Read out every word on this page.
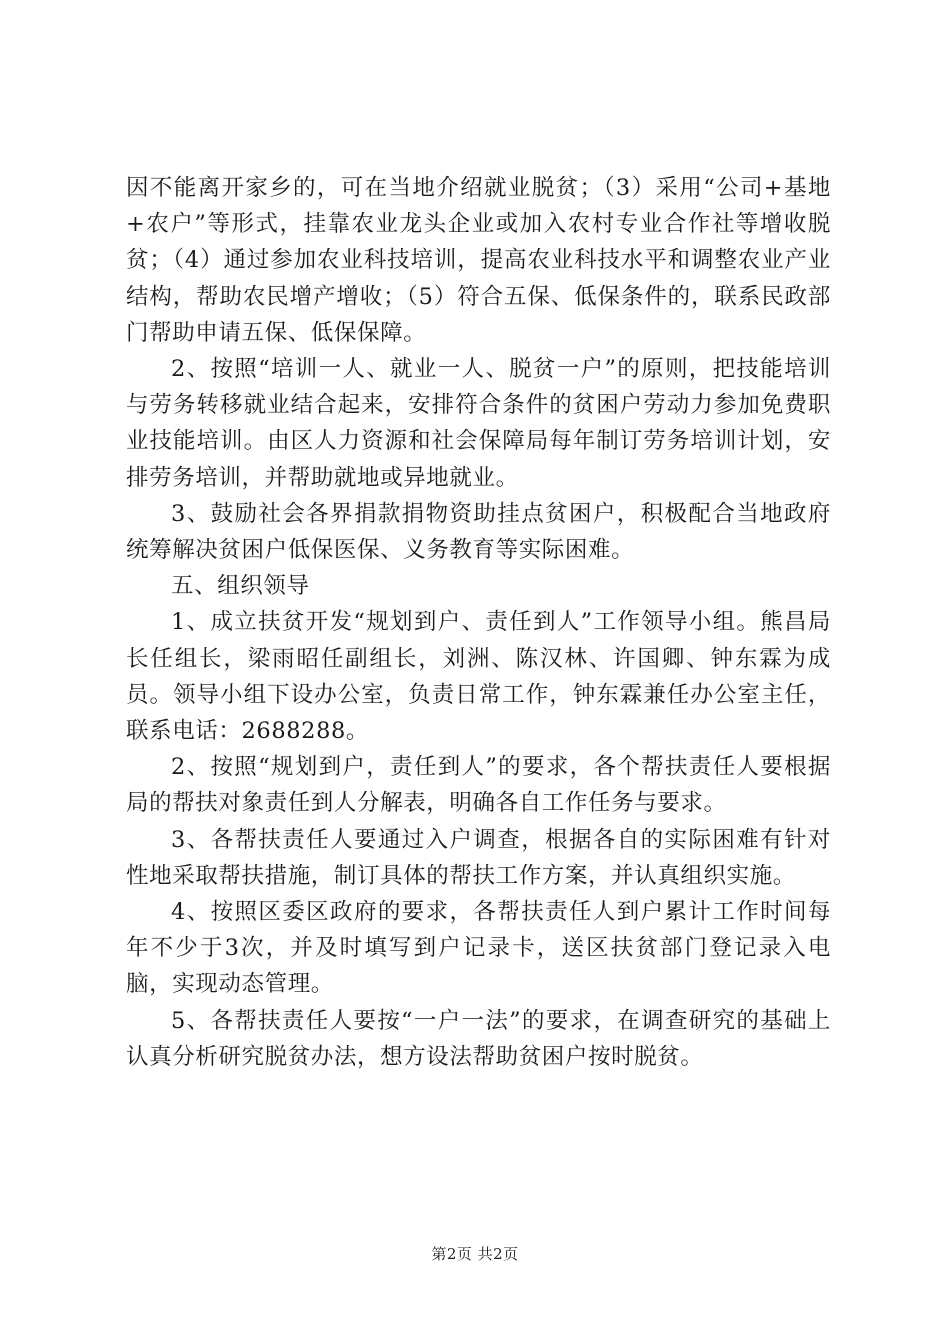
因不能离开家乡的，可在当地介绍就业脱贫；（3）采用“公司+基地+农户”等形式，挂靠农业龙头企业或加入农村专业合作社等增收脱贫；（4）通过参加农业科技培训，提高农业科技水平和调整农业产业结构，帮助农民增产增收；（5）符合五保、低保条件的，联系民政部门帮助申请五保、低保保障。

2、按照“培训一人、就业一人、脱贫一户”的原则，把技能培训与劳务转移就业结合起来，安排符合条件的贫困户劳动力参加免费职业技能培训。由区人力资源和社会保障局每年制订劳务培训计划，安排劳务培训，并帮助就地或异地就业。

3、鼓励社会各界捐款捐物资助挂点贫困户，积极配合当地政府统筹解决贫困户低保医保、义务教育等实际困难。

五、组织领导

1、成立扶贫开发“规划到户、责任到人”工作领导小组。熊昌局长任组长，梁雨昭任副组长，刘洲、陈汉林、许国卿、钟东霖为成员。领导小组下设办公室，负责日常工作，钟东霖兼任办公室主任，联系电话：2688288。

2、按照“规划到户，责任到人”的要求，各个帮扶责任人要根据局的帮扶对象责任到人分解表，明确各自工作任务与要求。

3、各帮扶责任人要通过入户调查，根据各自的实际困难有针对性地采取帮扶措施，制订具体的帮扶工作方案，并认真组织实施。

4、按照区委区政府的要求，各帮扶责任人到户累计工作时间每年不少于3次，并及时填写到户记录卡，送区扶贫部门登记录入电脑，实现动态管理。

5、各帮扶责任人要按“一户一法”的要求，在调查研究的基础上认真分析研究脱贫办法，想方设法帮助贫困户按时脱贫。

第2页 共2页
